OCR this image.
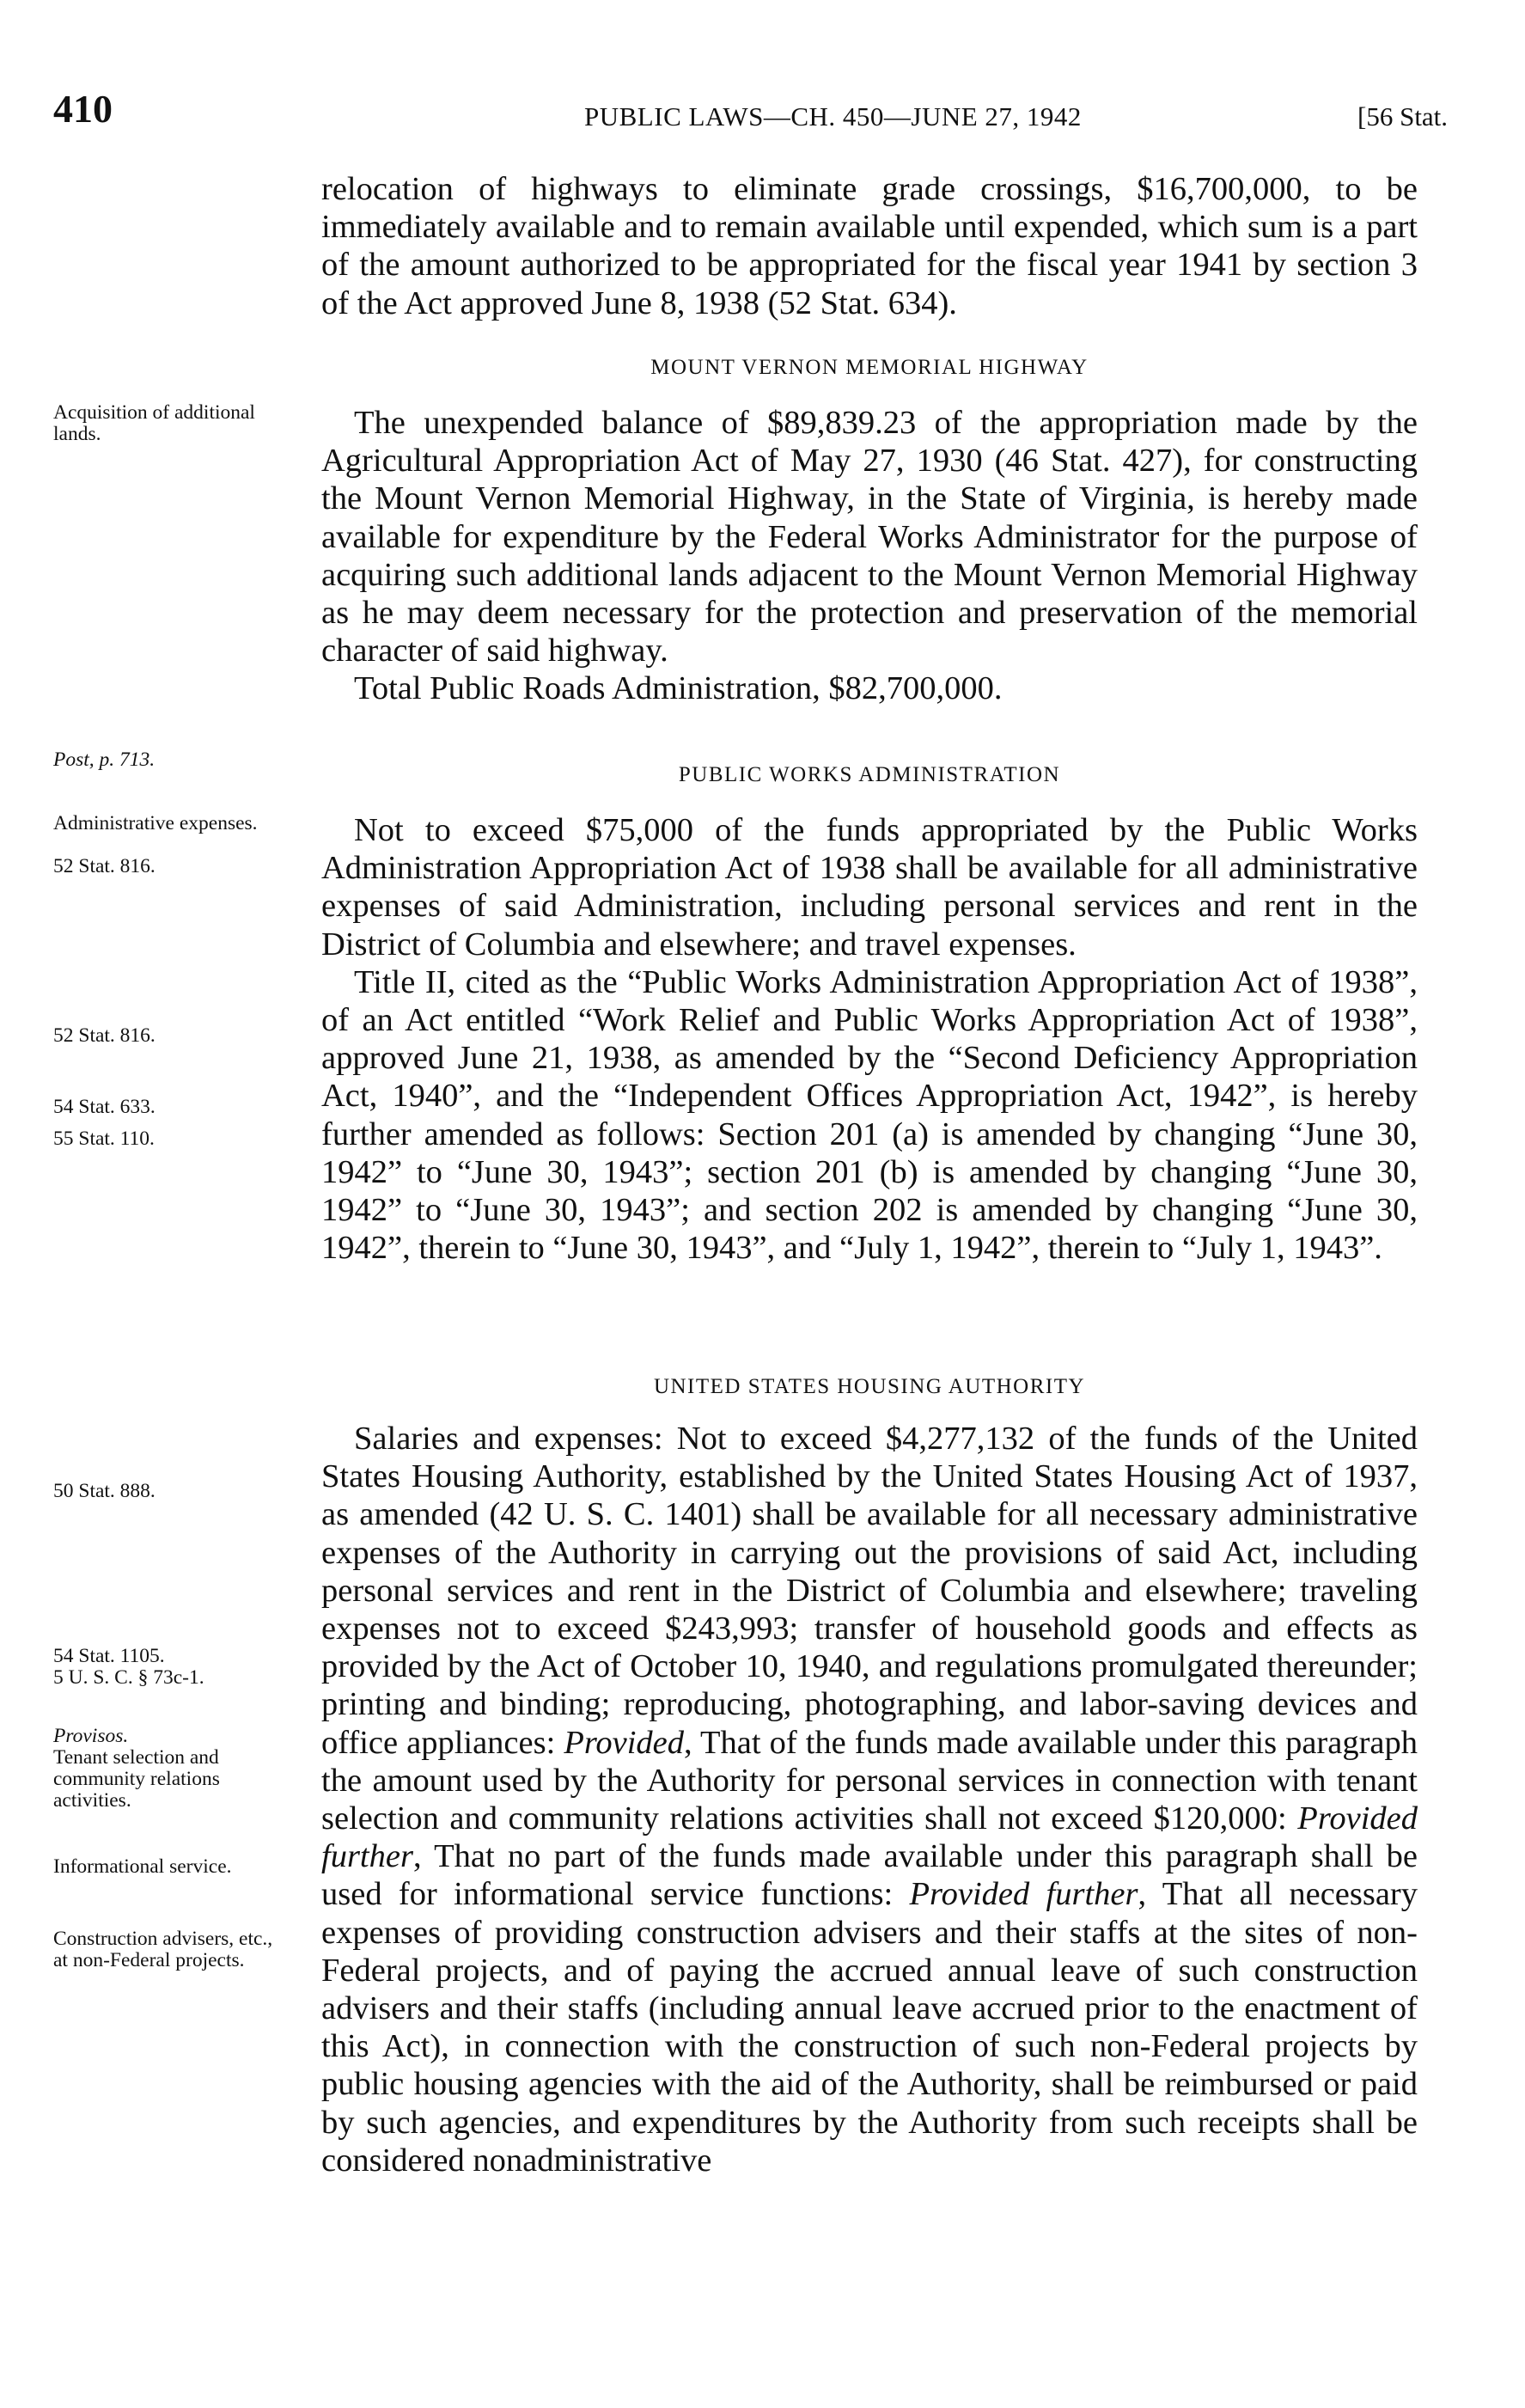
410	PUBLIC LAWS—CH. 450—JUNE 27, 1942	[56 Stat.

relocation of highways to eliminate grade crossings, $16,700,000, to be immediately available and to remain available until expended, which sum is a part of the amount authorized to be appropriated for the fiscal year 1941 by section 3 of the Act approved June 8, 1938 (52 Stat. 634).

MOUNT VERNON MEMORIAL HIGHWAY

The unexpended balance of $89,839.23 of the appropriation made by the Agricultural Appropriation Act of May 27, 1930 (46 Stat. 427), for constructing the Mount Vernon Memorial Highway, in the State of Virginia, is hereby made available for expenditure by the Federal Works Administrator for the purpose of acquiring such additional lands adjacent to the Mount Vernon Memorial Highway as he may deem necessary for the protection and preservation of the memorial character of said highway.

Total Public Roads Administration, $82,700,000.

PUBLIC WORKS ADMINISTRATION

Not to exceed $75,000 of the funds appropriated by the Public Works Administration Appropriation Act of 1938 shall be available for all administrative expenses of said Administration, including personal services and rent in the District of Columbia and elsewhere; and travel expenses.

Title II, cited as the “Public Works Administration Appropriation Act of 1938”, of an Act entitled “Work Relief and Public Works Appropriation Act of 1938”, approved June 21, 1938, as amended by the “Second Deficiency Appropriation Act, 1940”, and the “Independent Offices Appropriation Act, 1942”, is hereby further amended as follows: Section 201 (a) is amended by changing “June 30, 1942” to “June 30, 1943”; section 201 (b) is amended by changing “June 30, 1942” to “June 30, 1943”; and section 202 is amended by changing “June 30, 1942”, therein to “June 30, 1943”, and “July 1, 1942”, therein to “July 1, 1943”.

UNITED STATES HOUSING AUTHORITY

Salaries and expenses: Not to exceed $4,277,132 of the funds of the United States Housing Authority, established by the United States Housing Act of 1937, as amended (42 U. S. C. 1401) shall be available for all necessary administrative expenses of the Authority in carrying out the provisions of said Act, including personal services and rent in the District of Columbia and elsewhere; traveling expenses not to exceed $243,993; transfer of household goods and effects as provided by the Act of October 10, 1940, and regulations promulgated thereunder; printing and binding; reproducing, photographing, and labor-saving devices and office appliances: Provided, That of the funds made available under this paragraph the amount used by the Authority for personal services in connection with tenant selection and community relations activities shall not exceed $120,000: Provided further, That no part of the funds made available under this paragraph shall be used for informational service functions: Provided further, That all necessary expenses of providing construction advisers and their staffs at the sites of non-Federal projects, and of paying the accrued annual leave of such construction advisers and their staffs (including annual leave accrued prior to the enactment of this Act), in connection with the construction of such non-Federal projects by public housing agencies with the aid of the Authority, shall be reimbursed or paid by such agencies, and expenditures by the Authority from such receipts shall be considered nonadministrative

Acquisition of additional lands.
Post, p. 713.
Administrative expenses.
52 Stat. 816.
52 Stat. 816.
54 Stat. 633.
55 Stat. 110.
50 Stat. 888.
54 Stat. 1105.
5 U. S. C. § 73c-1.
Provisos.
Tenant selection and community relations activities.
Informational service.
Construction advisers, etc., at non-Federal projects.
